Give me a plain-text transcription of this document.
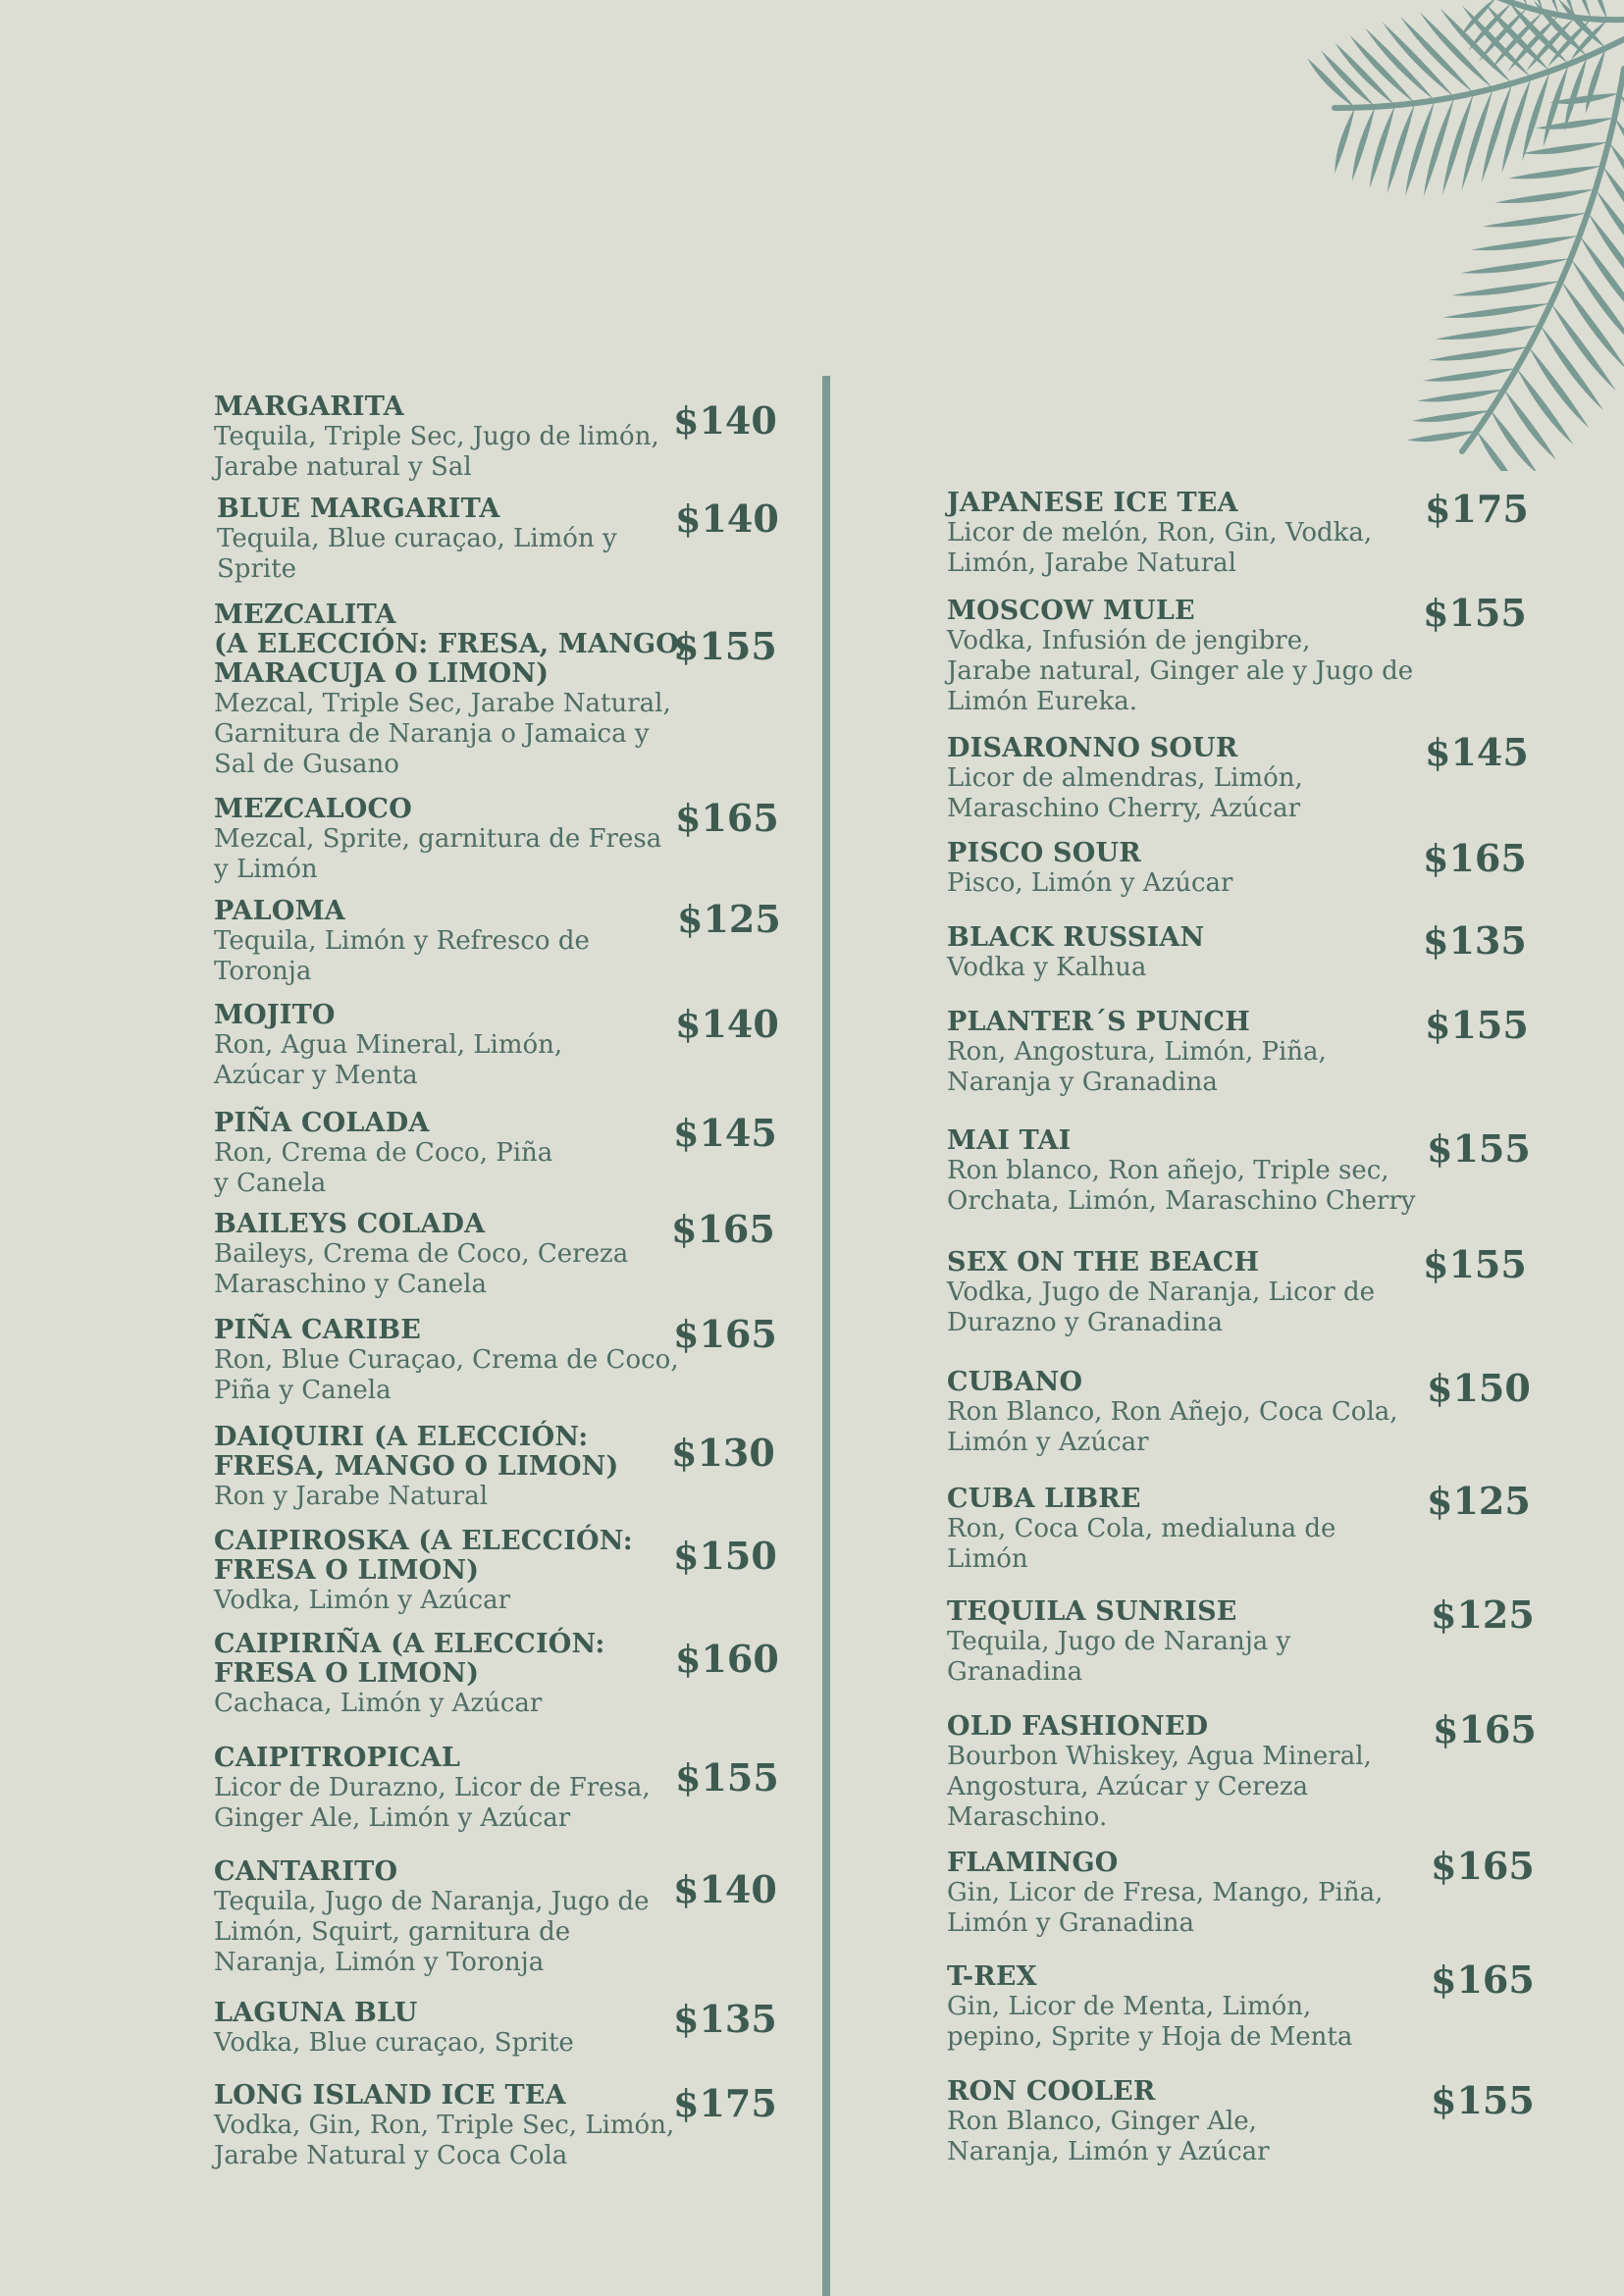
MARGARITA
Tequila, Triple Sec, Jugo de limón,
Jarabe natural y Sal
$140
BLUE MARGARITA
Tequila, Blue curaçao, Limón y
Sprite
$140
MEZCALITA
(A ELECCIÓN: FRESA, MANGO,
MARACUJA O LIMON)
Mezcal, Triple Sec, Jarabe Natural,
Garnitura de Naranja o Jamaica y
Sal de Gusano
$155
MEZCALOCO
Mezcal, Sprite, garnitura de Fresa
y Limón
$165
PALOMA
Tequila, Limón y Refresco de
Toronja
$125
MOJITO
Ron, Agua Mineral, Limón,
Azúcar y Menta
$140
PIÑA COLADA
Ron, Crema de Coco, Piña
y Canela
$145
BAILEYS COLADA
Baileys, Crema de Coco, Cereza
Maraschino y Canela
$165
PIÑA CARIBE
Ron, Blue Curaçao, Crema de Coco,
Piña y Canela
$165
DAIQUIRI (A ELECCIÓN:
FRESA, MANGO O LIMON)
Ron y Jarabe Natural
$130
CAIPIROSKA (A ELECCIÓN:
FRESA O LIMON)
Vodka, Limón y Azúcar
$150
CAIPIRIÑA (A ELECCIÓN:
FRESA O LIMON)
Cachaca, Limón y Azúcar
$160
CAIPITROPICAL
Licor de Durazno, Licor de Fresa,
Ginger Ale, Limón y Azúcar
$155
CANTARITO
Tequila, Jugo de Naranja, Jugo de
Limón, Squirt, garnitura de
Naranja, Limón y Toronja
$140
LAGUNA BLU
Vodka, Blue curaçao, Sprite
$135
LONG ISLAND ICE TEA
Vodka, Gin, Ron, Triple Sec, Limón,
Jarabe Natural y Coca Cola
$175
JAPANESE ICE TEA
Licor de melón, Ron, Gin, Vodka,
Limón, Jarabe Natural
$175
MOSCOW MULE
Vodka, Infusión de jengibre,
Jarabe natural, Ginger ale y Jugo de
Limón Eureka.
$155
DISARONNO SOUR
Licor de almendras, Limón,
Maraschino Cherry, Azúcar
$145
PISCO SOUR
Pisco, Limón y Azúcar
$165
BLACK RUSSIAN
Vodka y Kalhua
$135
PLANTER´S PUNCH
Ron, Angostura, Limón, Piña,
Naranja y Granadina
$155
MAI TAI
Ron blanco, Ron añejo, Triple sec,
Orchata, Limón, Maraschino Cherry
$155
SEX ON THE BEACH
Vodka, Jugo de Naranja, Licor de
Durazno y Granadina
$155
CUBANO
Ron Blanco, Ron Añejo, Coca Cola,
Limón y Azúcar
$150
CUBA LIBRE
Ron, Coca Cola, medialuna de
Limón
$125
TEQUILA SUNRISE
Tequila, Jugo de Naranja y
Granadina
$125
OLD FASHIONED
Bourbon Whiskey, Agua Mineral,
Angostura, Azúcar y Cereza
Maraschino.
$165
FLAMINGO
Gin, Licor de Fresa, Mango, Piña,
Limón y Granadina
$165
T-REX
Gin, Licor de Menta, Limón,
pepino, Sprite y Hoja de Menta
$165
RON COOLER
Ron Blanco, Ginger Ale,
Naranja, Limón y Azúcar
$155
